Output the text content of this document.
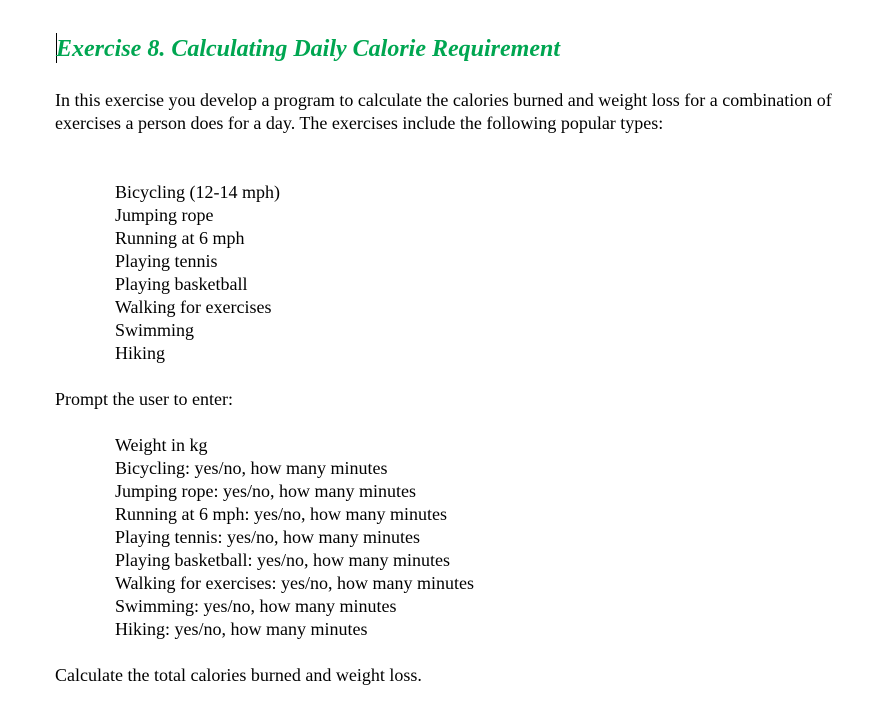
Exercise 8. Calculating Daily Calorie Requirement

In this exercise you develop a program to calculate the calories burned and weight loss for a combination of exercises a person does for a day. The exercises include the following popular types:

Bicycling (12-14 mph)
Jumping rope
Running at 6 mph
Playing tennis
Playing basketball
Walking for exercises
Swimming
Hiking

Prompt the user to enter:

Weight in kg
Bicycling: yes/no, how many minutes
Jumping rope: yes/no, how many minutes
Running at 6 mph: yes/no, how many minutes
Playing tennis: yes/no, how many minutes
Playing basketball: yes/no, how many minutes
Walking for exercises: yes/no, how many minutes
Swimming: yes/no, how many minutes
Hiking: yes/no, how many minutes

Calculate the total calories burned and weight loss.
